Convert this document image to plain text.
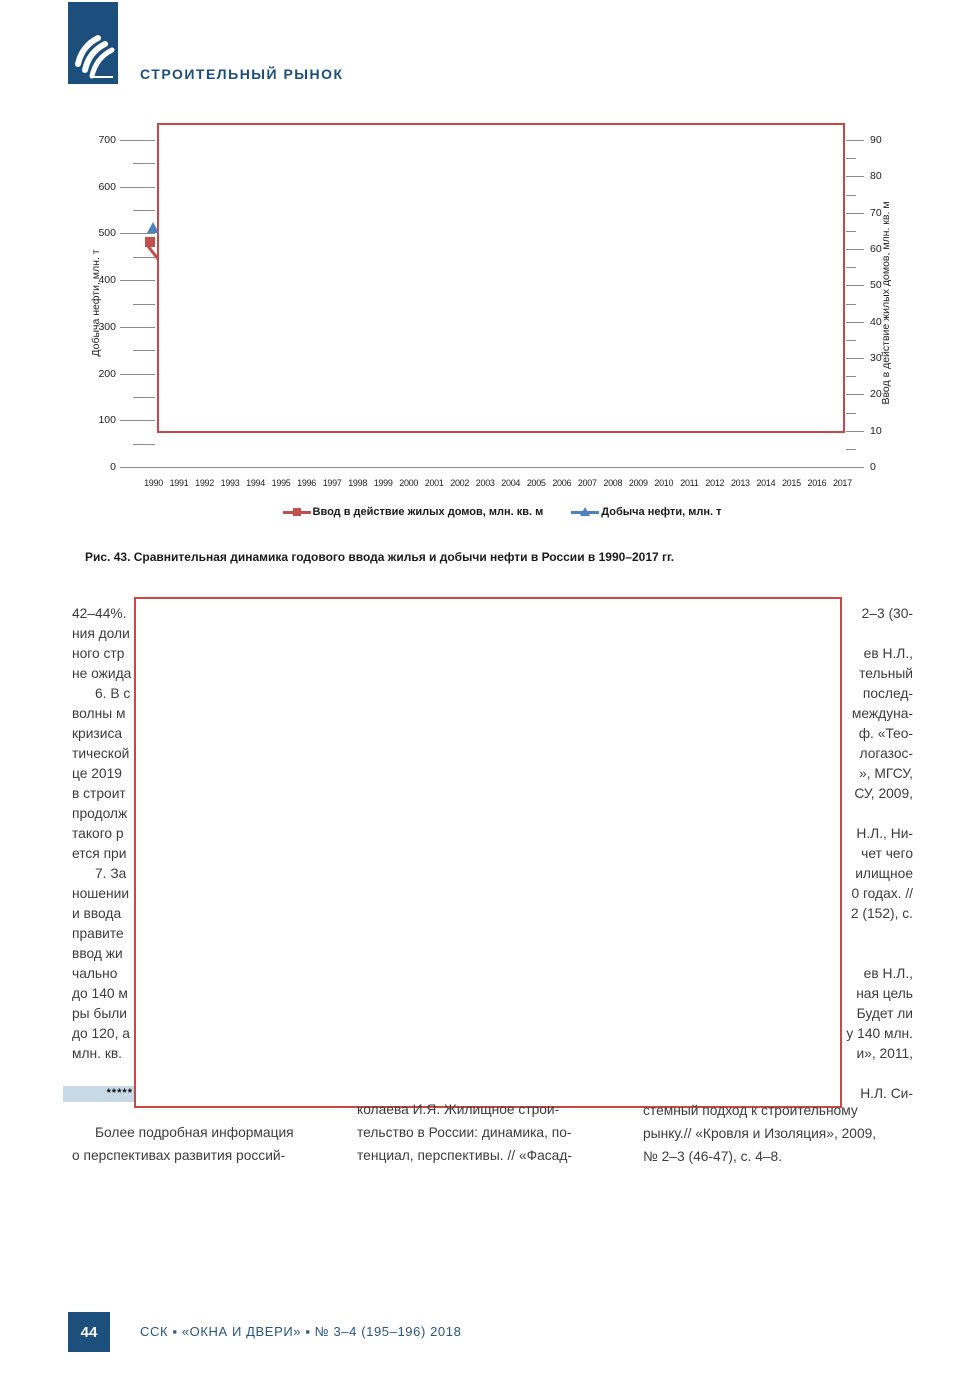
СТРОИТЕЛЬНЫЙ РЫНОК
Добыча нефти, млн. т	Ввод в действие жилых домов, млн. кв. м
0
100
200
300
400
500
600
700
0
10
20
30
40
50
60
70
80
90
1990 1991 1992 1993 1994 1995 1996 1997 1998 1999 2000 2001 2002 2003 2004 2005 2006 2007 2008 2009 2010 2011 2012 2013 2014 2015 2016 2017
Ввод в действие жилых домов, млн. кв. м	Добыча нефти, млн. т
Рис. 43. Сравнительная динамика годового ввода жилья и добычи нефти в России в 1990–2017 гг.
42–44%.
ния доли
ного стр
не ожида
6. В с
волны м
кризиса
тической
це 2019
в строит
продолж
такого р
ется при
7. За
ношении
и ввода
правите
ввод жи
чально
до 140 м
ры были
до 120, а
млн. кв.
2–3 (30-
ев Н.Л.,
тельный
послед-
междуна-
ф. «Тео-
логазос-
», МГСУ,
СУ, 2009,
Н.Л., Ни-
чет чего
илищное
0 годах. //
2 (152), с.
ев Н.Л.,
ная цель
Будет ли
у 140 млн.
и», 2011,
Н.Л. Си-
*****
Более подробная информация
о перспективах развития россий-
колаева И.Я. Жилищное строи-
тельство в России: динамика, по-
тенциал, перспективы. // «Фасад-
стемный подход к строительному
рынку.// «Кровля и Изоляция», 2009,
№ 2–3 (46-47), с. 4–8.
44	ССК ▪ «ОКНА И ДВЕРИ» ▪ № 3–4 (195–196) 2018
